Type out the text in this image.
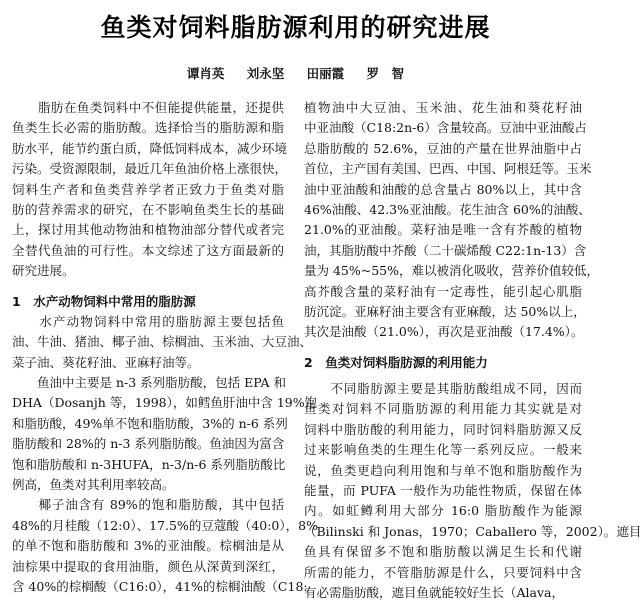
鱼类对饲料脂肪源利用的研究进展
谭肖英 刘永坚 田丽霞 罗　智
　　脂肪在鱼类饲料中不但能提供能量，还提供
鱼类生长必需的脂肪酸。选择恰当的脂肪源和脂
肪水平，能节约蛋白质，降低饲料成本，减少环境
污染。受资源限制，最近几年鱼油价格上涨很快，
饲料生产者和鱼类营养学者正致力于鱼类对脂
肪的营养需求的研究，在不影响鱼类生长的基础
上，探讨用其他动物油和植物油部分替代或者完
全替代鱼油的可行性。本文综述了这方面最新的
研究进展。
1　水产动物饲料中常用的脂肪源
　　水产动物饲料中常用的脂肪源主要包括鱼
油、牛油、猪油、椰子油、棕榈油、玉米油、大豆油、
菜子油、葵花籽油、亚麻籽油等。
　　鱼油中主要是 n-3 系列脂肪酸，包括 EPA 和
DHA（Dosanjh 等，1998），如鳕鱼肝油中含 19%饱
和脂肪酸，49%单不饱和脂肪酸，3%的 n-6 系列
脂肪酸和 28%的 n-3 系列脂肪酸。鱼油因为富含
饱和脂肪酸和 n-3HUFA，n-3/n-6 系列脂肪酸比
例高，鱼类对其利用率较高。
　　椰子油含有 89%的饱和脂肪酸，其中包括
48%的月桂酸（12:0）、17.5%的豆蔻酸（40:0），8%
的单不饱和脂肪酸和 3%的亚油酸。棕榈油是从
油棕果中提取的食用油脂，颜色从深黄到深红，
含 40%的棕榈酸（C16:0），41%的棕榈油酸（C18:
植物油中大豆油、玉米油、花生油和葵花籽油
中亚油酸（C18:2n-6）含量较高。豆油中亚油酸占
总脂肪酸的 52.6%，豆油的产量在世界油脂中占
首位，主产国有美国、巴西、中国、阿根廷等。玉米
油中亚油酸和油酸的总含量占 80%以上，其中含
46%油酸、42.3%亚油酸。花生油含 60%的油酸、
21.0%的亚油酸。菜籽油是唯一含有芥酸的植物
油，其脂肪酸中芥酸（二十碳烯酸 C22:1n-13）含
量为 45%~55%，难以被消化吸收，营养价值较低，
高芥酸含量的菜籽油有一定毒性，能引起心肌脂
肪沉淀。亚麻籽油主要含有亚麻酸，达 50%以上，
其次是油酸（21.0%），再次是亚油酸（17.4%）。
2　鱼类对饲料脂肪源的利用能力
　　不同脂肪源主要是其脂肪酸组成不同，因而
鱼类对饲料不同脂肪源的利用能力其实就是对
饲料中脂肪酸的利用能力，同时饲料脂肪源又反
过来影响鱼类的生理生化等一系列反应。一般来
说，鱼类更趋向利用饱和与单不饱和脂肪酸作为
能量，而 PUFA 一般作为功能性物质，保留在体
内。如虹鳟利用大部分 16:0 脂肪酸作为能源
（Bilinski 和 Jonas，1970；Caballero 等，2002）。遮目
鱼具有保留多不饱和脂肪酸以满足生长和代谢
所需的能力，不管脂肪源是什么，只要饲料中含
有必需脂肪酸，遮目鱼就能较好生长（Alava，
